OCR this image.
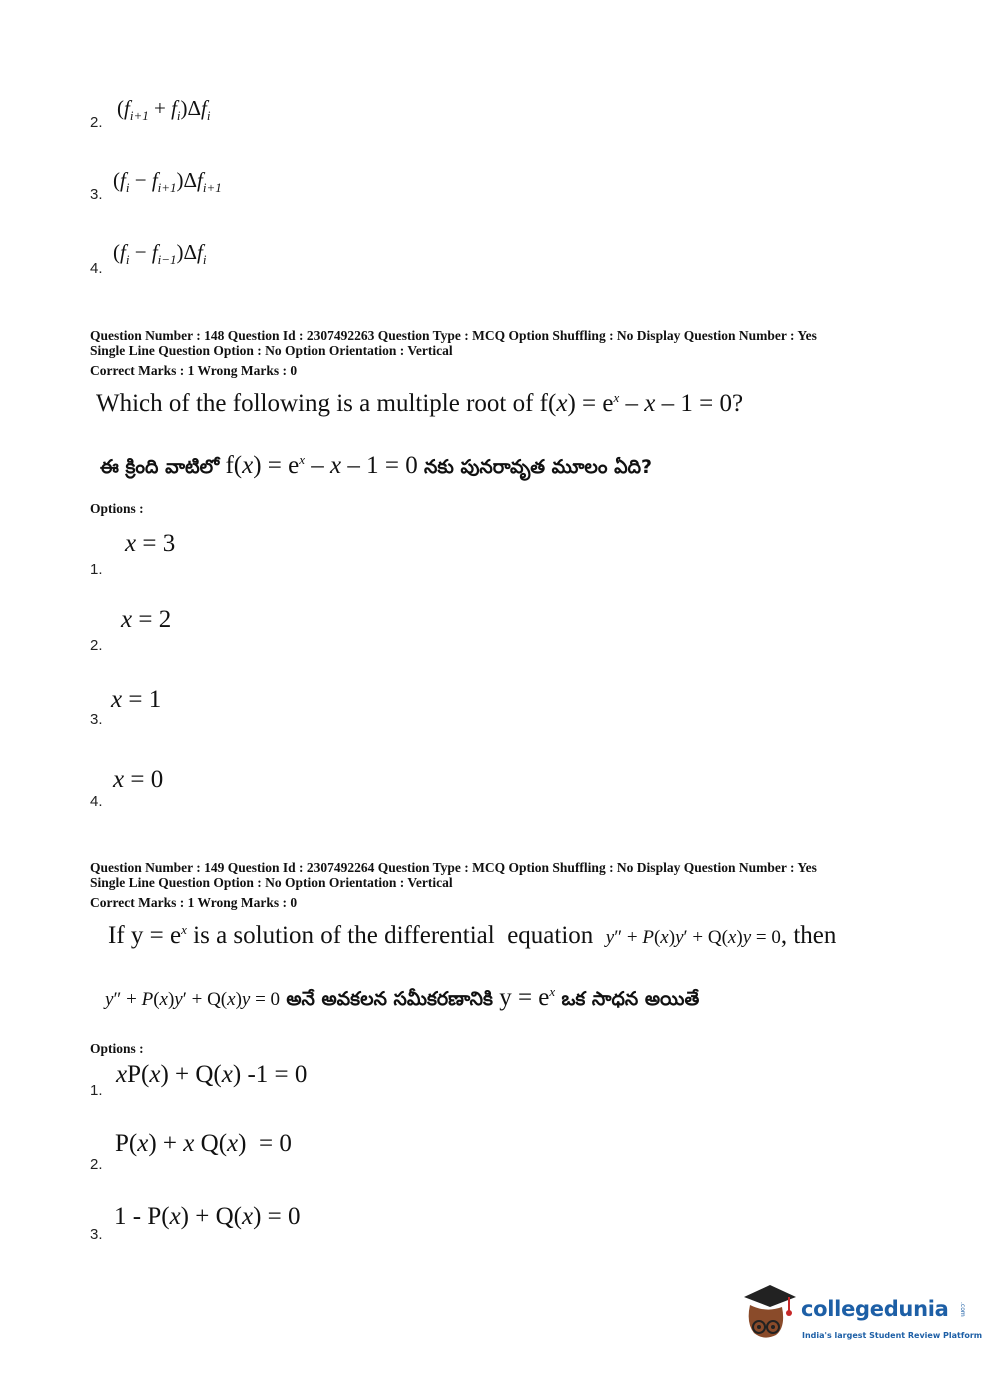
$(f_{i+1} + f_i)\Delta f_i$
2.
$(f_i - f_{i+1})\Delta f_{i+1}$
3.
$(f_i - f_{i-1})\Delta f_i$
4.
Question Number : 148 Question Id : 2307492263 Question Type : MCQ Option Shuffling : No Display Question Number : Yes
Single Line Question Option : No Option Orientation : Vertical
Correct Marks : 1 Wrong Marks : 0
Which of the following is a multiple root of $f(x) = e^x - x - 1 = 0$?
ఈ క్రింది వాటిలో $f(x) = e^x - x - 1 = 0$ నకు పునరావృత మూలం ఏది?
Options :
x = 3
1.
x = 2
2.
x = 1
3.
x = 0
4.
Question Number : 149 Question Id : 2307492264 Question Type : MCQ Option Shuffling : No Display Question Number : Yes
Single Line Question Option : No Option Orientation : Vertical
Correct Marks : 1 Wrong Marks : 0
If $y = e^x$ is a solution of the differential  equation  y″ + P(x)y′ + Q(x)y = 0, then
y″ + P(x)y′ + Q(x)y = 0 అనే అవకలన సమీకరణానికి $y = e^x$ ఒక సాధన అయితే
Options :
xP(x) + Q(x) -1 = 0
1.
P(x) + x Q(x)  = 0
2.
1 - P(x) + Q(x) = 0
3.
collegedunia .com
India's largest Student Review Platform
